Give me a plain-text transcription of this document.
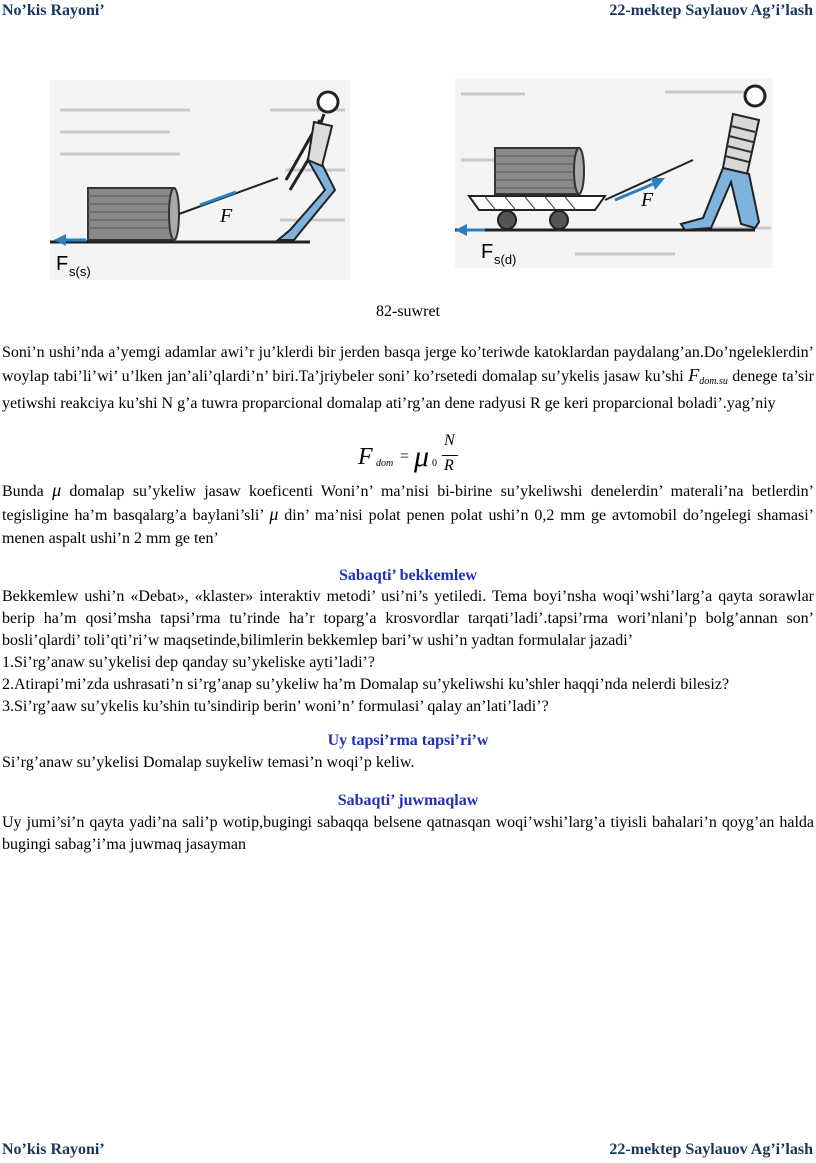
No’kis Rayoni’	22-mektep Saylauov Ag’i’lash
F
F s(s)
F
F s(d)
82-suwret

Soni’n ushi’nda a’yemgi adamlar awi’r ju’klerdi bir jerden basqa jerge ko’teriwde katoklardan paydalang’an.Do’ngeleklerdin’ woylap tabi’li’wi’ u’lken jan’ali’qlardi’n’ biri.Ta’jriybeler soni’ ko’rsetedi domalap su’ykelis jasaw ku’shi $F_{dom.su}$ denege ta’sir yetiwshi reakciya ku’shi N g’a tuwra proparcional domalap ati’rg’an dene radyusi R ge keri proparcional boladi’.yag’niy

F dom = μ 0
N
R

Bunda μ domalap su’ykeliw jasaw koeficenti Woni’n’ ma’nisi bi-birine su’ykeliwshi denelerdin’ materali’na betlerdin’ tegisligine ha’m basqalarg’a baylani’sli’ μ din’ ma’nisi polat penen polat ushi’n 0,2 mm ge avtomobil do’ngelegi shamasi’ menen aspalt ushi’n 2 mm ge ten’

Sabaqti’ bekkemlew

Bekkemlew ushi’n «Debat», «klaster» interaktiv metodi’ usi’ni’s yetiledi. Tema boyi’nsha woqi’wshi’larg’a qayta sorawlar berip ha’m qosi’msha tapsi’rma tu’rinde ha’r toparg’a krosvordlar tarqati’ladi’.tapsi’rma wori’nlani’p bolg’annan son’ bosli’qlardi’ toli’qti’ri’w maqsetinde,bilimlerin bekkemlep bari’w ushi’n yadtan formulalar jazadi’

1.Si’rg’anaw su’ykelisi dep qanday su’ykeliske ayti’ladi’?

2.Atirapi’mi’zda ushrasati’n si’rg’anap su’ykeliw ha’m Domalap su’ykeliwshi ku’shler haqqi’nda nelerdi bilesiz?

3.Si’rg’aaw su’ykelis ku’shin tu’sindirip berin’ woni’n’ formulasi’ qalay an’lati’ladi’?

Uy tapsi’rma tapsi’ri’w
Si’rg’anaw su’ykelisi Domalap suykeliw temasi’n woqi’p keliw.
Sabaqti’ juwmaqlaw
Uy jumi’si’n qayta yadi’na sali’p wotip,bugingi sabaqqa belsene qatnasqan woqi’wshi’larg’a tiyisli bahalari’n qoyg’an halda bugingi sabag’i’ma juwmaq jasayman
No’kis Rayoni’	22-mektep Saylauov Ag’i’lash
